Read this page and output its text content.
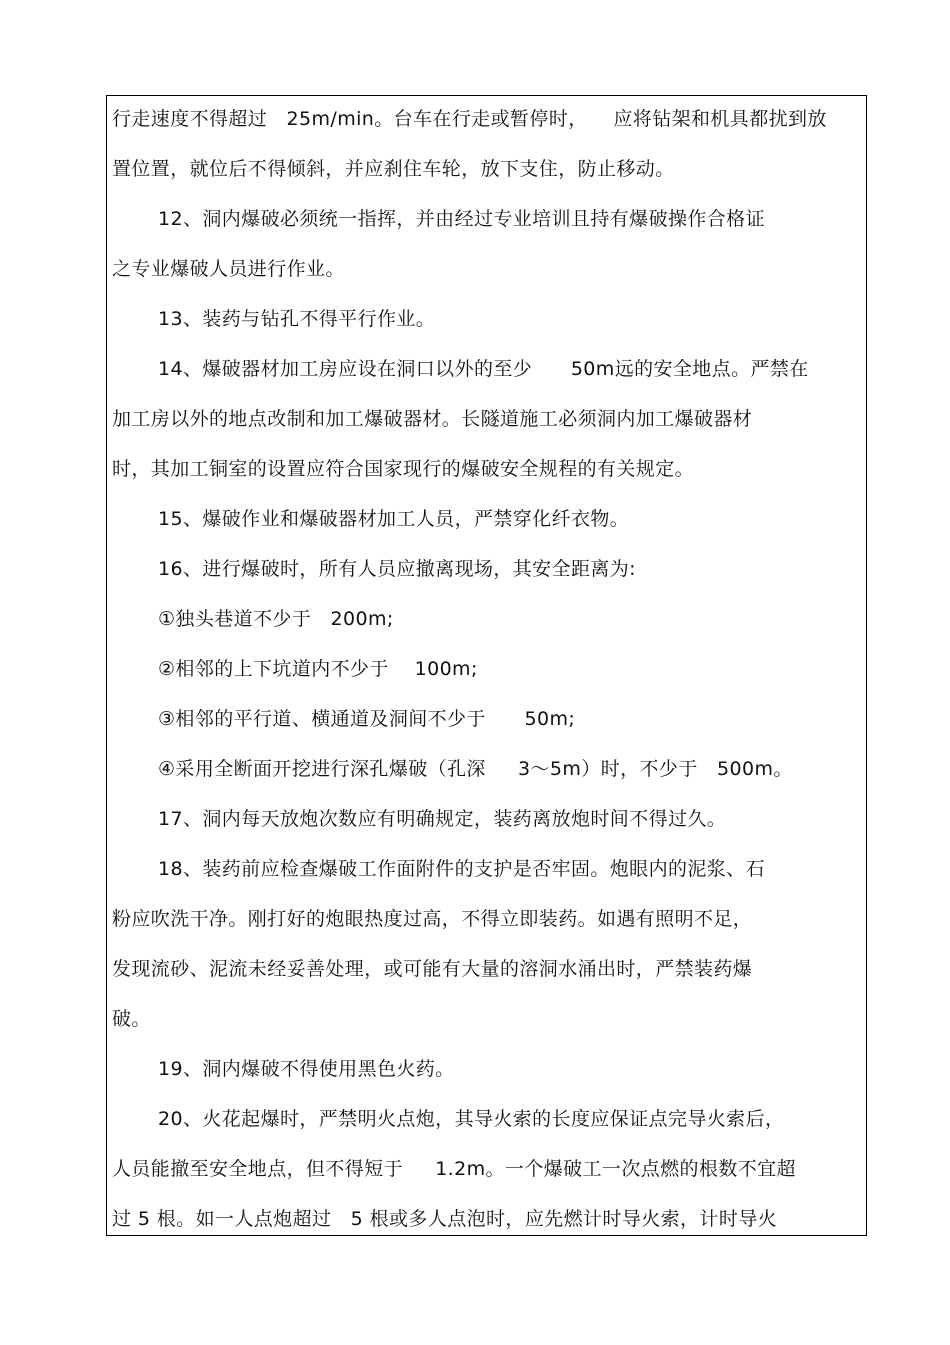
行走速度不得超过   25m/min。台车在行走或暂停时，    应将钻架和机具都扰到放
置位置，就位后不得倾斜，并应刹住车轮，放下支住，防止移动。
12、洞内爆破必须统一指挥，并由经过专业培训且持有爆破操作合格证
之专业爆破人员进行作业。
13、装药与钻孔不得平行作业。
14、爆破器材加工房应设在洞口以外的至少      50m远的安全地点。严禁在
加工房以外的地点改制和加工爆破器材。长隧道施工必须洞内加工爆破器材
时，其加工铜室的设置应符合国家现行的爆破安全规程的有关规定。
15、爆破作业和爆破器材加工人员，严禁穿化纤衣物。
16、进行爆破时，所有人员应撤离现场，其安全距离为:
①独头巷道不少于   200m;
②相邻的上下坑道内不少于    100m;
③相邻的平行道、横通道及洞间不少于      50m;
④采用全断面开挖进行深孔爆破（孔深     3～5m）时，不少于   500m。
17、洞内每天放炮次数应有明确规定，装药离放炮时间不得过久。
18、装药前应检查爆破工作面附件的支护是否牢固。炮眼内的泥浆、石
粉应吹洗干净。刚打好的炮眼热度过高，不得立即装药。如遇有照明不足，
发现流砂、泥流未经妥善处理，或可能有大量的溶洞水涌出时，严禁装药爆
破。
19、洞内爆破不得使用黑色火药。
20、火花起爆时，严禁明火点炮，其导火索的长度应保证点完导火索后，
人员能撤至安全地点，但不得短于     1.2m。一个爆破工一次点燃的根数不宜超
过 5 根。如一人点炮超过   5 根或多人点泡时，应先燃计时导火索，计时导火
